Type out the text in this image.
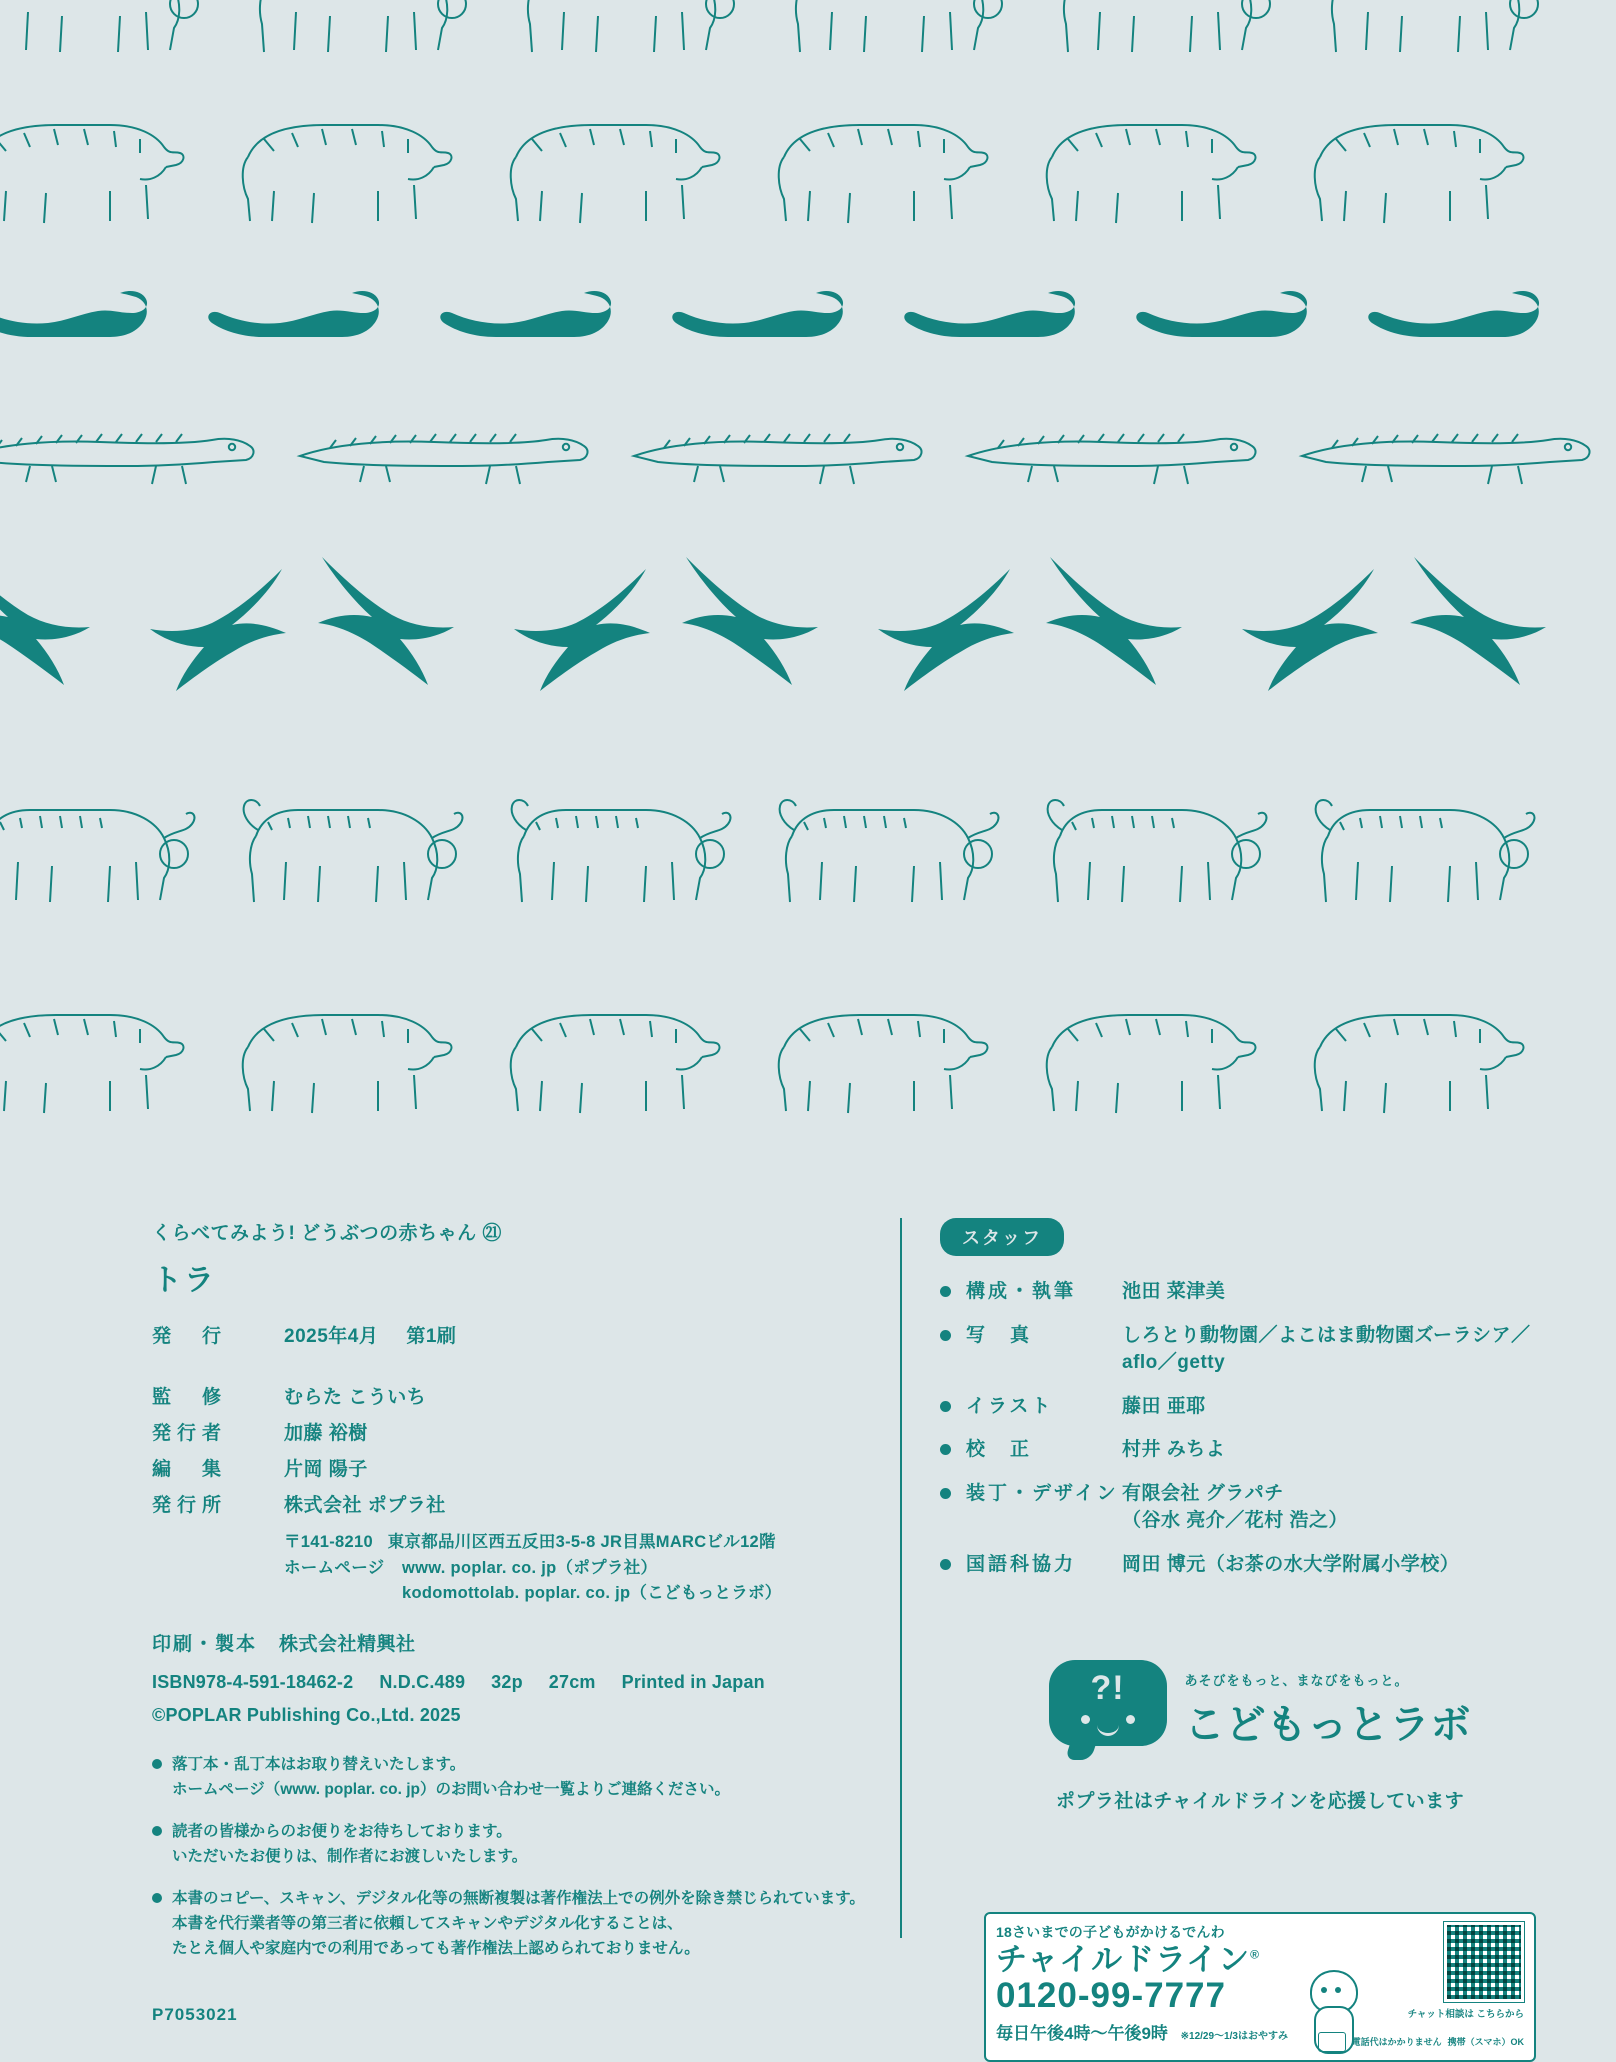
くらべてみよう! どうぶつの赤ちゃん ㉑
トラ
発　行	2025年4月 第1刷
監　修	むらた こういち
発行者	加藤 裕樹
編　集	片岡 陽子
発行所	株式会社 ポプラ社
〒141-8210 東京都品川区西五反田3-5-8 JR目黒MARCビル12階
ホームページ www. poplar. co. jp（ポプラ社）
kodomottolab. poplar. co. jp（こどもっとラボ）
印刷・製本 株式会社精興社
ISBN978-4-591-18462-2 N.D.C.489 32p 27cm Printed in Japan
©POPLAR Publishing Co.,Ltd. 2025
落丁本・乱丁本はお取り替えいたします。
ホームページ（www. poplar. co. jp）のお問い合わせ一覧よりご連絡ください。
読者の皆様からのお便りをお待ちしております。
いただいたお便りは、制作者にお渡しいたします。
本書のコピー、スキャン、デジタル化等の無断複製は著作権法上での例外を除き禁じられています。
本書を代行業者等の第三者に依頼してスキャンやデジタル化することは、
たとえ個人や家庭内での利用であっても著作権法上認められておりません。
P7053021
スタッフ
	構成・執筆	池田 菜津美
	写　真	しろとり動物園／よこはま動物園ズーラシア／
aflo／getty

	イラスト	藤田 亜耶
	校　正	村井 みちよ
	装丁・デザイン	有限会社 グラパチ
（谷水 亮介／花村 浩之）

	国語科協力	岡田 博元（お茶の水大学附属小学校）
?!	あそびをもっと、まなびをもっと。
こどもっとラボ
ポプラ社はチャイルドラインを応援しています
18さいまでの子どもがかけるでんわ
チャイルドライン®
0120-99-7777
毎日午後4時～午後9時 ※12/29～1/3はおやすみ
チャット相談は こちらから
電話代はかかりません 携帯（スマホ）OK
